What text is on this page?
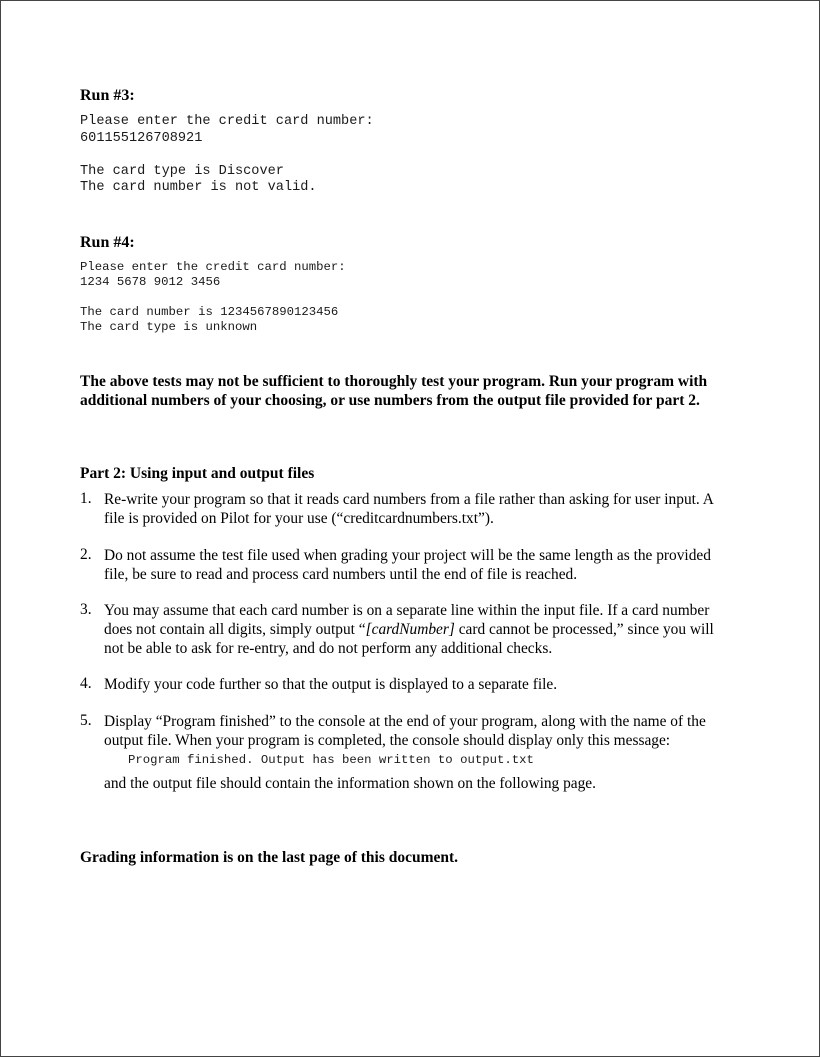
Run #3:
Please enter the credit card number:
601155126708921
The card type is Discover
The card number is not valid.
Run #4:
Please enter the credit card number:
1234 5678 9012 3456
The card number is 1234567890123456
The card type is unknown
The above tests may not be sufficient to thoroughly test your program. Run your program with
additional numbers of your choosing, or use numbers from the output file provided for part 2.
Part 2: Using input and output files
1. Re-write your program so that it reads card numbers from a file rather than asking for user input. A
file is provided on Pilot for your use (“creditcardnumbers.txt”).
2. Do not assume the test file used when grading your project will be the same length as the provided
file, be sure to read and process card numbers until the end of file is reached.
3. You may assume that each card number is on a separate line within the input file. If a card number
does not contain all digits, simply output “[cardNumber] card cannot be processed,” since you will
not be able to ask for re-entry, and do not perform any additional checks.
4. Modify your code further so that the output is displayed to a separate file.
5. Display “Program finished” to the console at the end of your program, along with the name of the
output file. When your program is completed, the console should display only this message:
Program finished. Output has been written to output.txt
and the output file should contain the information shown on the following page.
Grading information is on the last page of this document.
